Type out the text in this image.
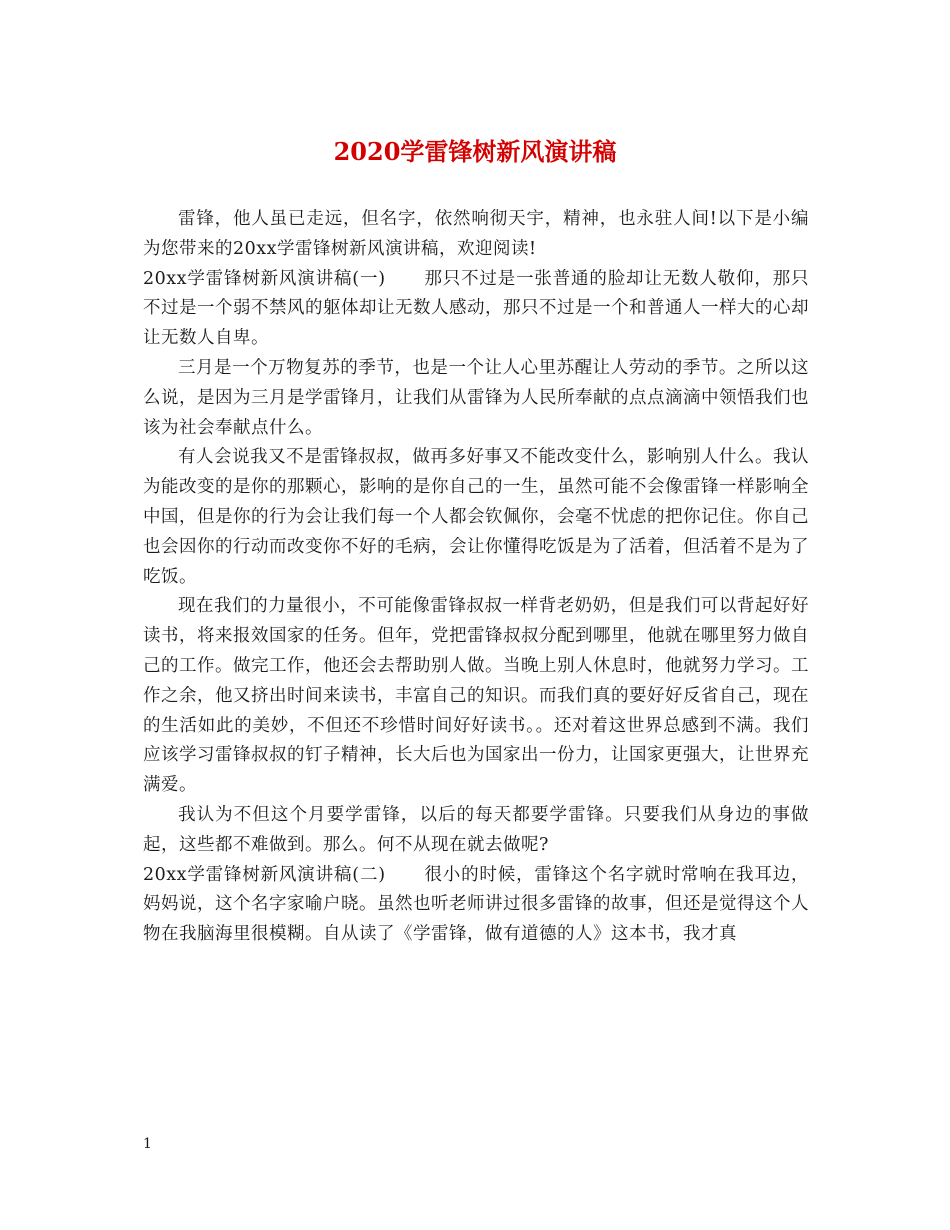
2020学雷锋树新风演讲稿

雷锋，他人虽已走远，但名字，依然响彻天宇，精神，也永驻人间!以下是小编为您带来的20xx学雷锋树新风演讲稿，欢迎阅读!

20xx学雷锋树新风演讲稿(一) 那只不过是一张普通的脸却让无数人敬仰，那只不过是一个弱不禁风的躯体却让无数人感动，那只不过是一个和普通人一样大的心却让无数人自卑。

三月是一个万物复苏的季节，也是一个让人心里苏醒让人劳动的季节。之所以这么说，是因为三月是学雷锋月，让我们从雷锋为人民所奉献的点点滴滴中领悟我们也该为社会奉献点什么。

有人会说我又不是雷锋叔叔，做再多好事又不能改变什么，影响别人什么。我认为能改变的是你的那颗心，影响的是你自己的一生，虽然可能不会像雷锋一样影响全中国，但是你的行为会让我们每一个人都会钦佩你，会毫不忧虑的把你记住。你自己也会因你的行动而改变你不好的毛病，会让你懂得吃饭是为了活着，但活着不是为了吃饭。

现在我们的力量很小，不可能像雷锋叔叔一样背老奶奶，但是我们可以背起好好读书，将来报效国家的任务。但年，党把雷锋叔叔分配到哪里，他就在哪里努力做自己的工作。做完工作，他还会去帮助别人做。当晚上别人休息时，他就努力学习。工作之余，他又挤出时间来读书，丰富自己的知识。而我们真的要好好反省自己，现在的生活如此的美妙，不但还不珍惜时间好好读书。。还对着这世界总感到不满。我们应该学习雷锋叔叔的钉子精神，长大后也为国家出一份力，让国家更强大，让世界充满爱。

我认为不但这个月要学雷锋，以后的每天都要学雷锋。只要我们从身边的事做起，这些都不难做到。那么。何不从现在就去做呢?

20xx学雷锋树新风演讲稿(二) 很小的时候，雷锋这个名字就时常响在我耳边，妈妈说，这个名字家喻户晓。虽然也听老师讲过很多雷锋的故事，但还是觉得这个人物在我脑海里很模糊。自从读了《学雷锋，做有道德的人》这本书，我才真

1
